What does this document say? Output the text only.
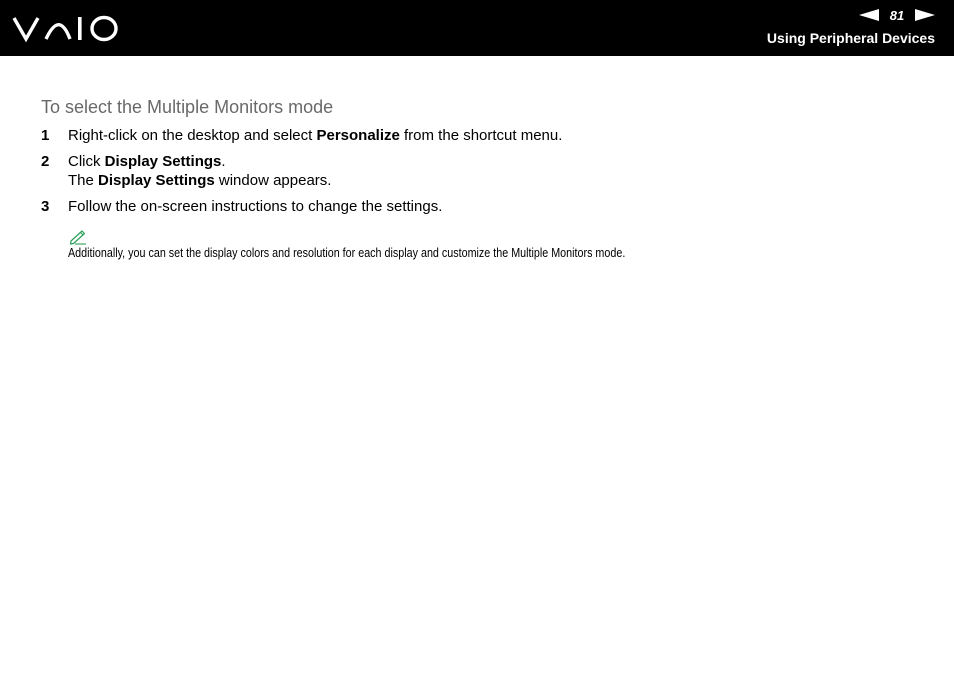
81
Using Peripheral Devices
To select the Multiple Monitors mode
1	Right-click on the desktop and select Personalize from the shortcut menu.
2	Click Display Settings.
The Display Settings window appears.
3	Follow the on-screen instructions to change the settings.
Additionally, you can set the display colors and resolution for each display and customize the Multiple Monitors mode.
